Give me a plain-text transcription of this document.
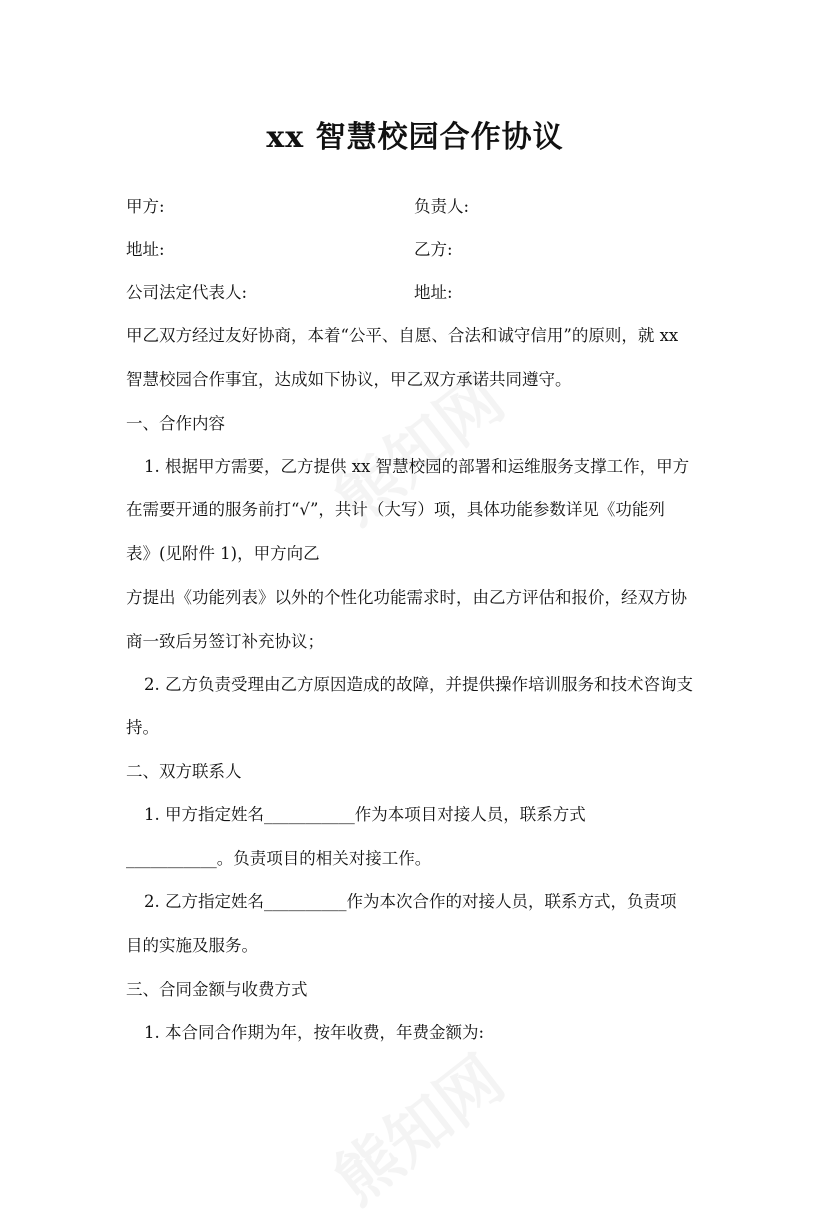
xx 智慧校园合作协议
甲方:	负责人:
地址:	乙方:
公司法定代表人:	地址:
甲乙双方经过友好协商，本着“公平、自愿、合法和诚守信用”的原则，就 xx
智慧校园合作事宜，达成如下协议，甲乙双方承诺共同遵守。
一、合作内容
1. 根据甲方需要，乙方提供 xx 智慧校园的部署和运维服务支撑工作，甲方
在需要开通的服务前打“√”，共计（大写）项，具体功能参数详见《功能列
表》(见附件 1)，甲方向乙
方提出《功能列表》以外的个性化功能需求时，由乙方评估和报价，经双方协
商一致后另签订补充协议；
2. 乙方负责受理由乙方原因造成的故障，并提供操作培训服务和技术咨询支
持。
二、双方联系人
1. 甲方指定姓名___________作为本项目对接人员，联系方式
___________。负责项目的相关对接工作。
2. 乙方指定姓名__________作为本次合作的对接人员，联系方式，负责项
目的实施及服务。
三、合同金额与收费方式
1. 本合同合作期为年，按年收费，年费金额为:
